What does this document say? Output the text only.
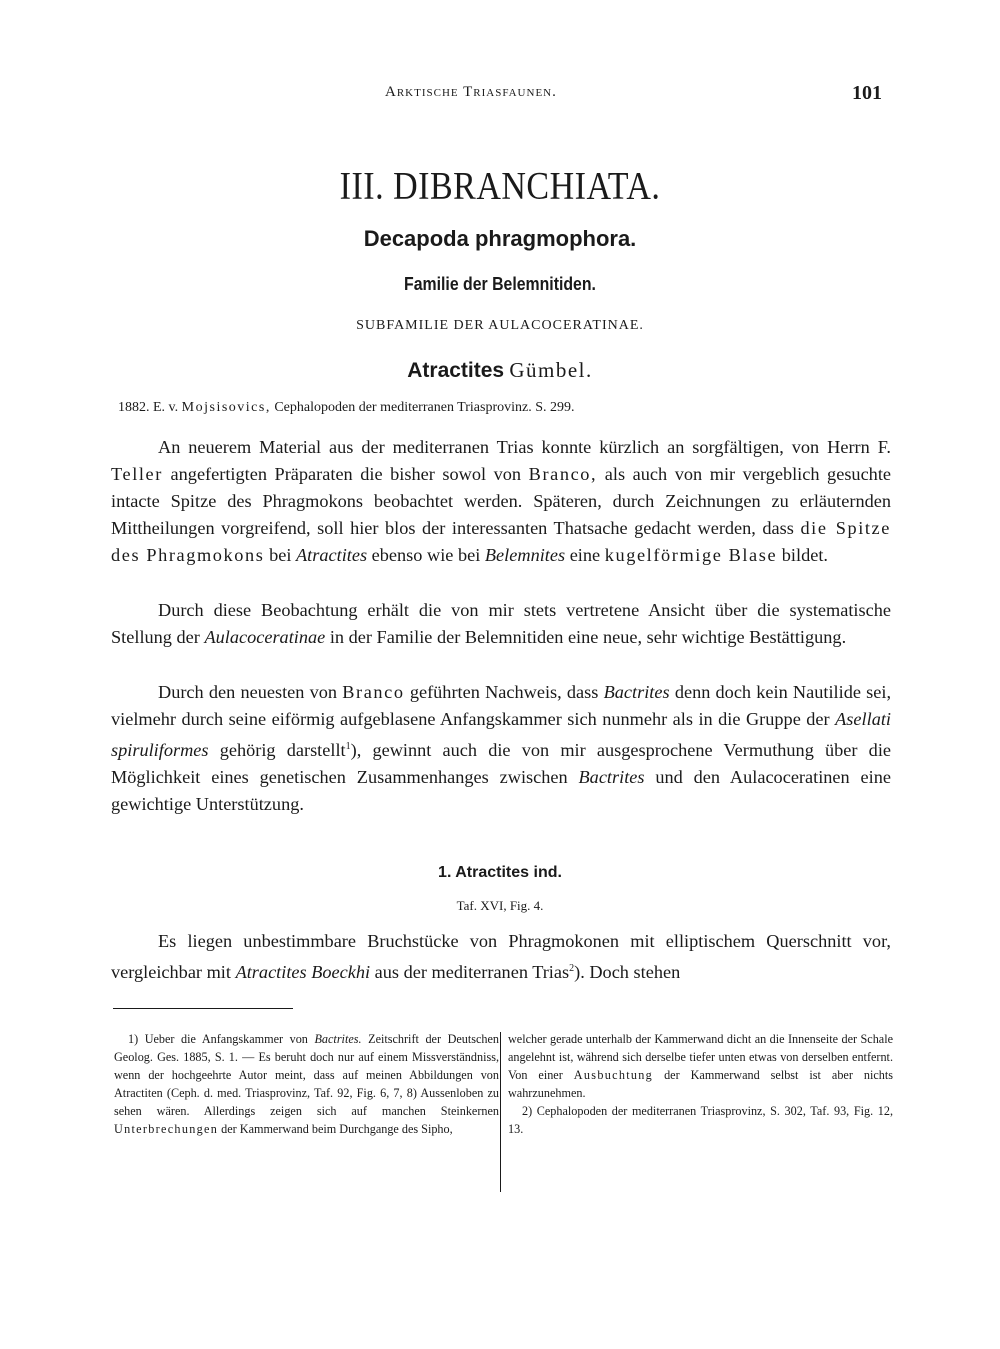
Arktische Triasfaunen.	101
III. DIBRANCHIATA.
Decapoda phragmophora.
Familie der Belemnitiden.
SUBFAMILIE DER AULACOCERATINAE.
Atractites Gümbel.
1882. E. v. Mojsisovics, Cephalopoden der mediterranen Triasprovinz. S. 299.
An neuerem Material aus der mediterranen Trias konnte kürzlich an sorgfältigen, von Herrn F. Teller angefertigten Präparaten die bisher sowol von Branco, als auch von mir vergeblich gesuchte intacte Spitze des Phragmokons beobachtet werden. Späteren, durch Zeichnungen zu erläuternden Mittheilungen vorgreifend, soll hier blos der interessanten Thatsache gedacht werden, dass die Spitze des Phragmokons bei Atractites ebenso wie bei Belemnites eine kugelförmige Blase bildet.
Durch diese Beobachtung erhält die von mir stets vertretene Ansicht über die systematische Stellung der Aulacoceratinae in der Familie der Belemnitiden eine neue, sehr wichtige Bestättigung.
Durch den neuesten von Branco geführten Nachweis, dass Bactrites denn doch kein Nautilide sei, vielmehr durch seine eiförmig aufgeblasene Anfangskammer sich nunmehr als in die Gruppe der Asellati spiruliformes gehörig darstellt$^1$), gewinnt auch die von mir ausgesprochene Vermuthung über die Möglichkeit eines genetischen Zusammenhanges zwischen Bactrites und den Aulacoceratinen eine gewichtige Unterstützung.
1. Atractites ind.
Taf. XVI, Fig. 4.
Es liegen unbestimmbare Bruchstücke von Phragmokonen mit elliptischem Querschnitt vor, vergleichbar mit Atractites Boeckhi aus der mediterranen Trias$^2$). Doch stehen

1) Ueber die Anfangskammer von Bactrites. Zeitschrift der Deutschen Geolog. Ges. 1885, S. 1. — Es beruht doch nur auf einem Missverständniss, wenn der hochgeehrte Autor meint, dass auf meinen Abbildungen von Atractiten (Ceph. d. med. Triasprovinz, Taf. 92, Fig. 6, 7, 8) Aussenloben zu sehen wären. Allerdings zeigen sich auf manchen Steinkernen Unterbrechungen der Kammerwand beim Durchgange des Sipho,

welcher gerade unterhalb der Kammerwand dicht an die Innenseite der Schale angelehnt ist, während sich derselbe tiefer unten etwas von derselben entfernt. Von einer Ausbuchtung der Kammerwand selbst ist aber nichts wahrzunehmen.

2) Cephalopoden der mediterranen Triasprovinz, S. 302, Taf. 93, Fig. 12, 13.
